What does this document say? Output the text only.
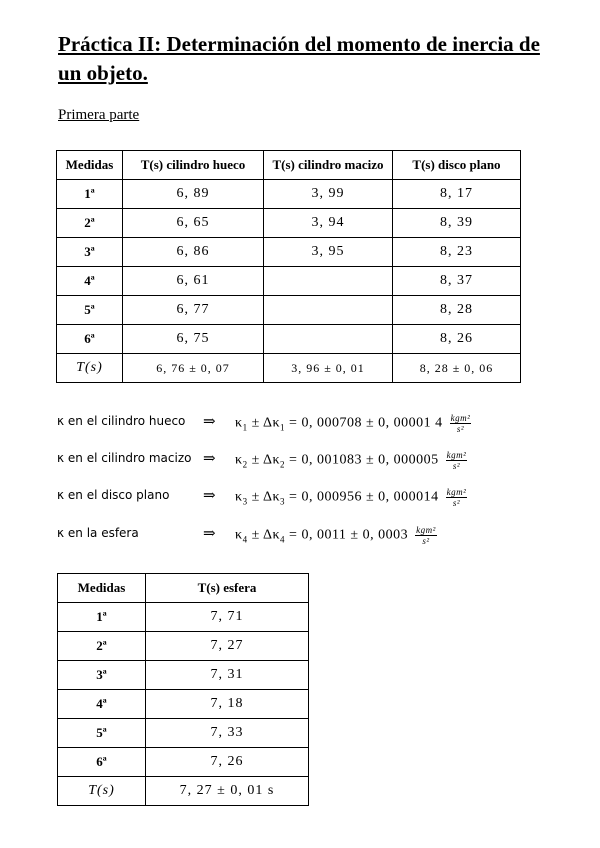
Práctica II: Determinación del momento de inercia de un objeto.
Primera parte
Medidas	T(s) cilindro hueco	T(s) cilindro macizo	T(s) disco plano
1ª	6, 89	3, 99	8, 17
2ª	6, 65	3, 94	8, 39
3ª	6, 86	3, 95	8, 23
4ª	6, 61		8, 37
5ª	6, 77		8, 28
6ª	6, 75		8, 26
T(s)	6, 76 ± 0, 07	3, 96 ± 0, 01	8, 28 ± 0, 06
κ en el cilindro hueco ⇒ $\kappa_1 \pm \Delta\kappa_1 = 0$, 000708 ± 0, 00001 $4 \frac{\text{kgm²}}{\text{s²}}$
κ en el cilindro macizo ⇒ $\kappa_2 \pm \Delta\kappa_2 = 0$, 001083 ± 0, $000005 \frac{\text{kgm²}}{\text{s²}}$
κ en el disco plano ⇒ $\kappa_3 \pm \Delta\kappa_3 = 0$, 000956 ± 0, $000014 \frac{\text{kgm²}}{\text{s²}}$
κ en la esfera	⇒ $\kappa_4 \pm \Delta\kappa_4 = 0$, 0011 ± 0, $0003 \frac{\text{kgm²}}{\text{s²}}$
Medidas	T(s) esfera
1ª	7, 71
2ª	7, 27
3ª	7, 31
4ª	7, 18
5ª	7, 33
6ª	7, 26
T(s)	7, 27 ± 0, 01 s
